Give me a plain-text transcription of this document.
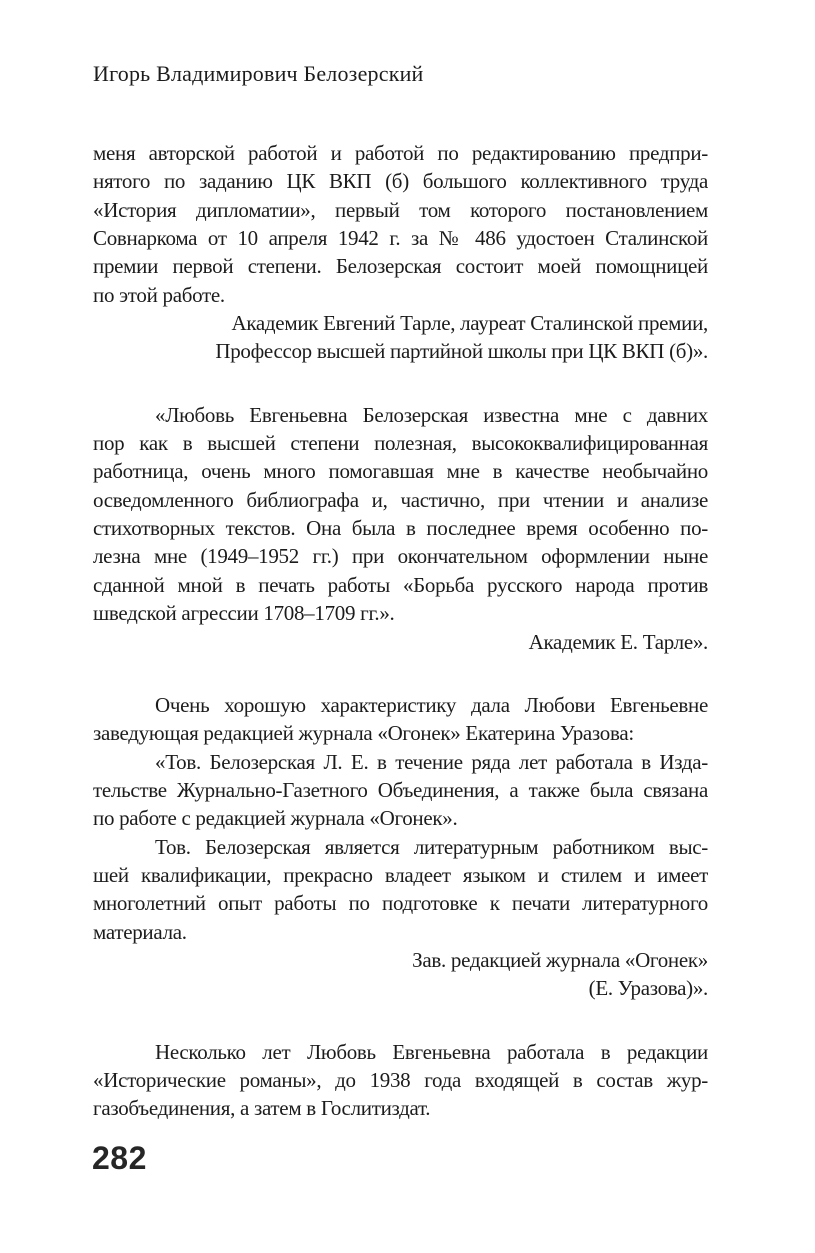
Игорь Владимирович Белозерский
меня авторской работой и работой по редактированию предпри-
нятого по заданию ЦК ВКП (б) большого коллективного труда
«История дипломатии», первый том которого постановлением
Совнаркома от 10 апреля 1942 г. за № 486 удостоен Сталинской
премии первой степени. Белозерская состоит моей помощницей
по этой работе.
Академик Евгений Тарле, лауреат Сталинской премии,
Профессор высшей партийной школы при ЦК ВКП (б)».
«Любовь Евгеньевна Белозерская известна мне с давних
пор как в высшей степени полезная, высококвалифицированная
работница, очень много помогавшая мне в качестве необычайно
осведомленного библиографа и, частично, при чтении и анализе
стихотворных текстов. Она была в последнее время особенно по-
лезна мне (1949–1952 гг.) при окончательном оформлении ныне
сданной мной в печать работы «Борьба русского народа против
шведской агрессии 1708–1709 гг.».
Академик Е. Тарле».
Очень хорошую характеристику дала Любови Евгеньевне
заведующая редакцией журнала «Огонек» Екатерина Уразова:
«Тов. Белозерская Л. Е. в течение ряда лет работала в Изда-
тельстве Журнально-Газетного Объединения, а также была связана
по работе с редакцией журнала «Огонек».
Тов. Белозерская является литературным работником выс-
шей квалификации, прекрасно владеет языком и стилем и имеет
многолетний опыт работы по подготовке к печати литературного
материала.
Зав. редакцией журнала «Огонек»
(Е. Уразова)».
Несколько лет Любовь Евгеньевна работала в редакции
«Исторические романы», до 1938 года входящей в состав жур-
газобъединения, а затем в Гослитиздат.
282
